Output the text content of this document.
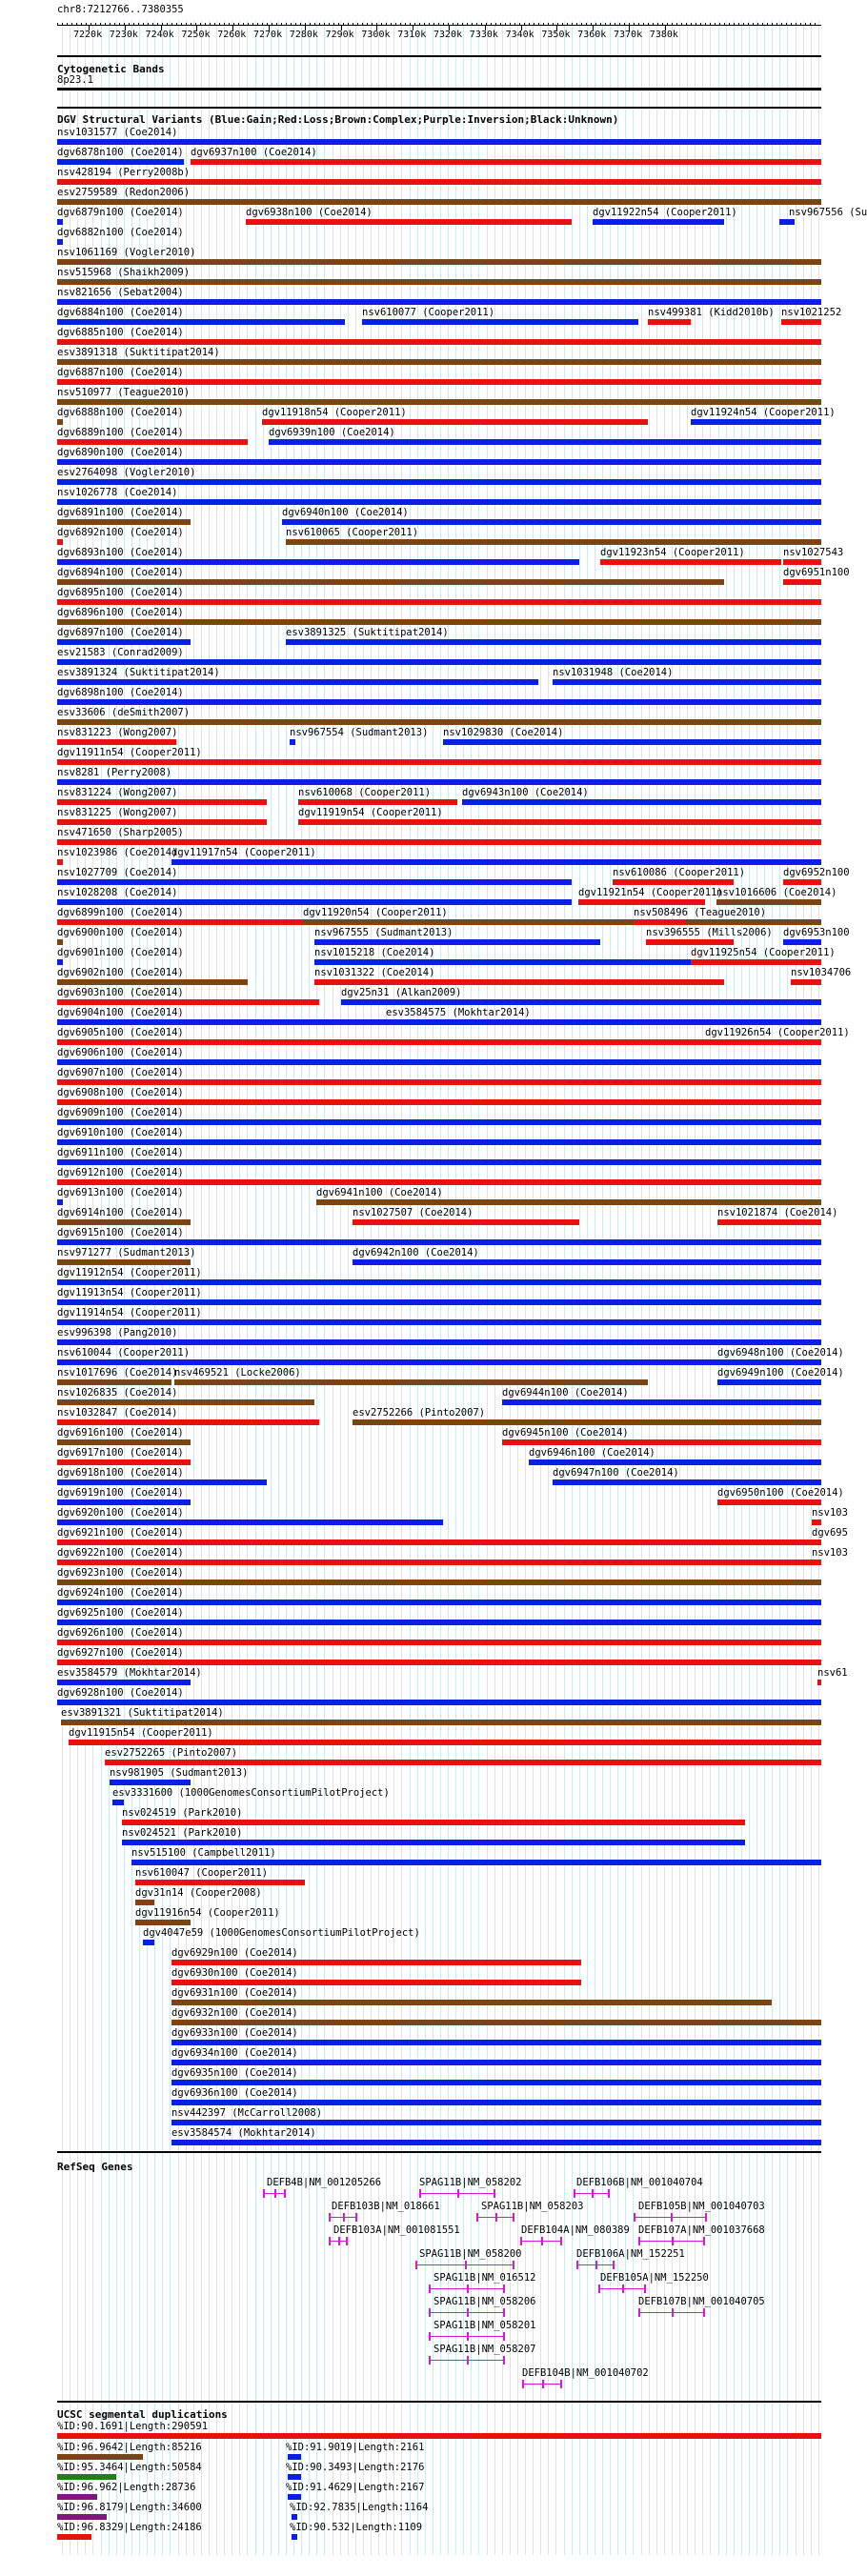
chr8:7212766..7380355
7220k 7230k 7240k 7250k 7260k 7270k 7280k 7290k 7300k 7310k 7320k 7330k 7340k 7350k 7360k 7370k 7380k
Cytogenetic Bands
8p23.1
DGV Structural Variants (Blue:Gain;Red:Loss;Brown:Complex;Purple:Inversion;Black:Unknown)
nsv1031577 (Coe2014)
dgv6878n100 (Coe2014) dgv6937n100 (Coe2014)
nsv428194 (Perry2008b)
esv2759589 (Redon2006)
dgv6879n100 (Coe2014)	dgv6938n100 (Coe2014)	dgv11922n54 (Cooper2011)	nsv967556 (Su
dgv6882n100 (Coe2014)
nsv1061169 (Vogler2010)
nsv515968 (Shaikh2009)
nsv821656 (Sebat2004)
dgv6884n100 (Coe2014)	nsv610077 (Cooper2011)	nsv499381 (Kidd2010b) nsv1021252
dgv6885n100 (Coe2014)
esv3891318 (Suktitipat2014)
dgv6887n100 (Coe2014)
nsv510977 (Teague2010)
dgv6888n100 (Coe2014)	dgv11918n54 (Cooper2011)	dgv11924n54 (Cooper2011)
dgv6889n100 (Coe2014)	dgv6939n100 (Coe2014)
dgv6890n100 (Coe2014)
esv2764098 (Vogler2010)
nsv1026778 (Coe2014)
dgv6891n100 (Coe2014)	dgv6940n100 (Coe2014)
dgv6892n100 (Coe2014)	nsv610065 (Cooper2011)
dgv6893n100 (Coe2014)	dgv11923n54 (Cooper2011)	nsv1027543
dgv6894n100 (Coe2014)	dgv6951n100
dgv6895n100 (Coe2014)
dgv6896n100 (Coe2014)
dgv6897n100 (Coe2014)	esv3891325 (Suktitipat2014)
esv21583 (Conrad2009)
esv3891324 (Suktitipat2014)	nsv1031948 (Coe2014)
dgv6898n100 (Coe2014)
esv33606 (deSmith2007)
nsv831223 (Wong2007)	nsv967554 (Sudmant2013) nsv1029830 (Coe2014)
dgv11911n54 (Cooper2011)
nsv8281 (Perry2008)
nsv831224 (Wong2007)	nsv610068 (Cooper2011)	dgv6943n100 (Coe2014)
nsv831225 (Wong2007)	dgv11919n54 (Cooper2011)
nsv471650 (Sharp2005)
nsv1023986 (Coe2014)
dgv11917n54 (Cooper2011)
nsv1027709 (Coe2014)	nsv610086 (Cooper2011)	dgv6952n100
nsv1028208 (Coe2014)	dgv11921n54 (Cooper2011)
nsv1016606 (Coe2014)
dgv6899n100 (Coe2014)	dgv11920n54 (Cooper2011)	nsv508496 (Teague2010)
dgv6900n100 (Coe2014)	nsv967555 (Sudmant2013)	nsv396555 (Mills2006) dgv6953n100
dgv6901n100 (Coe2014)	nsv1015218 (Coe2014)	dgv11925n54 (Cooper2011)
dgv6902n100 (Coe2014)	nsv1031322 (Coe2014)	nsv1034706
dgv6903n100 (Coe2014)	dgv25n31 (Alkan2009)
dgv6904n100 (Coe2014)	esv3584575 (Mokhtar2014)
dgv6905n100 (Coe2014)	dgv11926n54 (Cooper2011)
dgv6906n100 (Coe2014)
dgv6907n100 (Coe2014)
dgv6908n100 (Coe2014)
dgv6909n100 (Coe2014)
dgv6910n100 (Coe2014)
dgv6911n100 (Coe2014)
dgv6912n100 (Coe2014)
dgv6913n100 (Coe2014)	dgv6941n100 (Coe2014)
dgv6914n100 (Coe2014)	nsv1027507 (Coe2014)	nsv1021874 (Coe2014)
dgv6915n100 (Coe2014)
nsv971277 (Sudmant2013)	dgv6942n100 (Coe2014)
dgv11912n54 (Cooper2011)
dgv11913n54 (Cooper2011)
dgv11914n54 (Cooper2011)
esv996398 (Pang2010)
nsv610044 (Cooper2011)	dgv6948n100 (Coe2014)
nsv1017696 (Coe2014)
nsv469521 (Locke2006)	dgv6949n100 (Coe2014)
nsv1026835 (Coe2014)	dgv6944n100 (Coe2014)
nsv1032847 (Coe2014)	esv2752266 (Pinto2007)
dgv6916n100 (Coe2014)	dgv6945n100 (Coe2014)
dgv6917n100 (Coe2014)	dgv6946n100 (Coe2014)
dgv6918n100 (Coe2014)	dgv6947n100 (Coe2014)
dgv6919n100 (Coe2014)	dgv6950n100 (Coe2014)
dgv6920n100 (Coe2014)	nsv103
dgv6921n100 (Coe2014)	dgv695
dgv6922n100 (Coe2014)	nsv103
dgv6923n100 (Coe2014)
dgv6924n100 (Coe2014)
dgv6925n100 (Coe2014)
dgv6926n100 (Coe2014)
dgv6927n100 (Coe2014)
esv3584579 (Mokhtar2014)	nsv61
dgv6928n100 (Coe2014)
esv3891321 (Suktitipat2014)
dgv11915n54 (Cooper2011)
esv2752265 (Pinto2007)
nsv981905 (Sudmant2013)
esv3331600 (1000GenomesConsortiumPilotProject)
nsv024519 (Park2010)
nsv024521 (Park2010)
nsv515100 (Campbell2011)
nsv610047 (Cooper2011)
dgv31n14 (Cooper2008)
dgv11916n54 (Cooper2011)
dgv4047e59 (1000GenomesConsortiumPilotProject)
dgv6929n100 (Coe2014)
dgv6930n100 (Coe2014)
dgv6931n100 (Coe2014)
dgv6932n100 (Coe2014)
dgv6933n100 (Coe2014)
dgv6934n100 (Coe2014)
dgv6935n100 (Coe2014)
dgv6936n100 (Coe2014)
nsv442397 (McCarroll2008)
esv3584574 (Mokhtar2014)
RefSeq Genes
DEFB4B|NM_001205266	SPAG11B|NM_058202	DEFB106B|NM_001040704
DEFB103B|NM_018661	SPAG11B|NM_058203	DEFB105B|NM_001040703
DEFB103A|NM_001081551	DEFB104A|NM_080389 DEFB107A|NM_001037668
SPAG11B|NM_058200	DEFB106A|NM_152251
SPAG11B|NM_016512	DEFB105A|NM_152250
SPAG11B|NM_058206	DEFB107B|NM_001040705
SPAG11B|NM_058201
SPAG11B|NM_058207
DEFB104B|NM_001040702
UCSC segmental duplications
%ID:90.1691|Length:290591
%ID:96.9642|Length:85216	%ID:91.9019|Length:2161
%ID:95.3464|Length:50584	%ID:90.3493|Length:2176
%ID:96.962|Length:28736	%ID:91.4629|Length:2167
%ID:96.8179|Length:34600	%ID:92.7835|Length:1164
%ID:96.8329|Length:24186	%ID:90.532|Length:1109
